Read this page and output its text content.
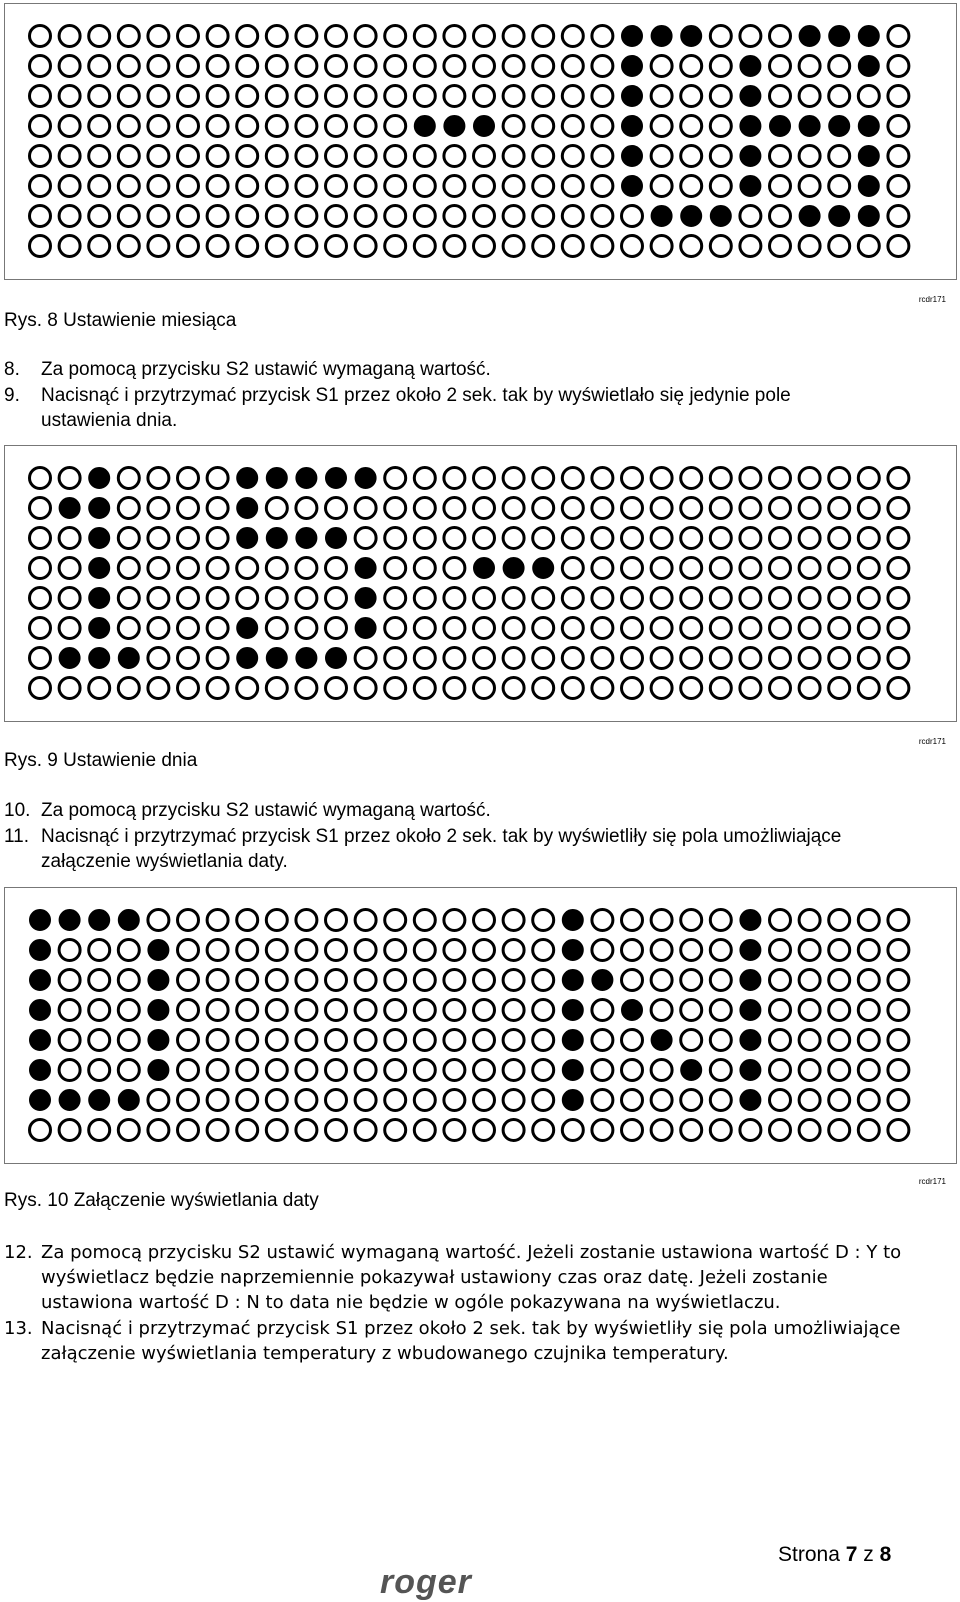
rcdr171
Rys. 8 Ustawienie miesiąca
8. Za pomocą przycisku S2 ustawić wymaganą wartość.
9. Nacisnąć i przytrzymać przycisk S1 przez około 2 sek. tak by wyświetlało się jedynie pole
ustawienia dnia.
rcdr171
Rys. 9 Ustawienie dnia
10. Za pomocą przycisku S2 ustawić wymaganą wartość.
11. Nacisnąć i przytrzymać przycisk S1 przez około 2 sek. tak by wyświetliły się pola umożliwiające
załączenie wyświetlania daty.
rcdr171
Rys. 10 Załączenie wyświetlania daty
12. Za pomocą przycisku S2 ustawić wymaganą wartość. Jeżeli zostanie ustawiona wartość D : Y to
wyświetlacz będzie naprzemiennie pokazywał ustawiony czas oraz datę. Jeżeli zostanie
ustawiona wartość D : N to data nie będzie w ogóle pokazywana na wyświetlaczu.
13. Nacisnąć i przytrzymać przycisk S1 przez około 2 sek. tak by wyświetliły się pola umożliwiające
załączenie wyświetlania temperatury z wbudowanego czujnika temperatury.
Strona 7 z 8
roger
